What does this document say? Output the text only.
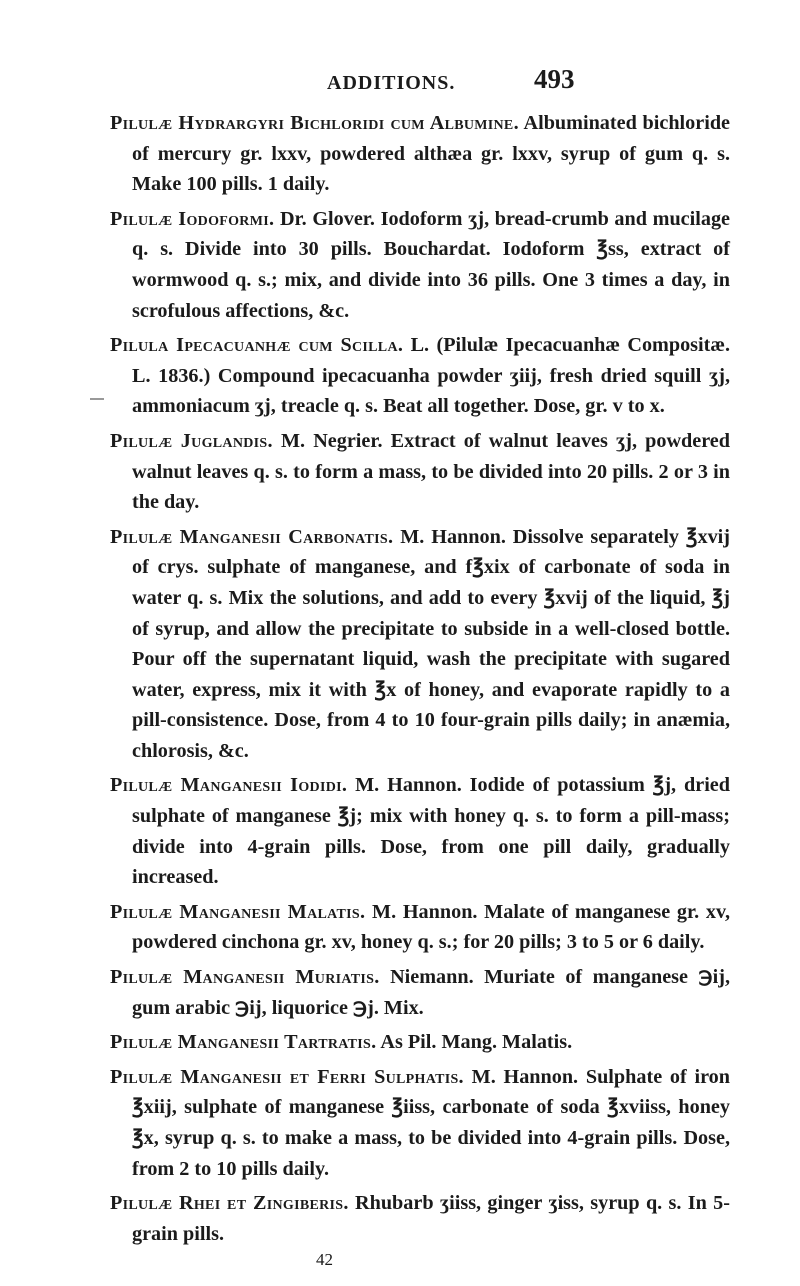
ADDITIONS.	493

Pilulæ Hydrargyri Bichloridi cum Albumine. Albuminated bichloride of mercury gr. lxxv, powdered althæa gr. lxxv, syrup of gum q. s. Make 100 pills. 1 daily.

Pilulæ Iodoformi. Dr. Glover. Iodoform ʒj, bread-crumb and mucilage q. s. Divide into 30 pills. Bouchardat. Iodoform ℥ss, extract of wormwood q. s.; mix, and divide into 36 pills. One 3 times a day, in scrofulous affections, &c.

Pilula Ipecacuanhæ cum Scilla. L. (Pilulæ Ipecacuanhæ Compositæ. L. 1836.) Compound ipecacuanha powder ʒiij, fresh dried squill ʒj, ammoniacum ʒj, treacle q. s. Beat all together. Dose, gr. v to x.

Pilulæ Juglandis. M. Negrier. Extract of walnut leaves ʒj, powdered walnut leaves q. s. to form a mass, to be divided into 20 pills. 2 or 3 in the day.

Pilulæ Manganesii Carbonatis. M. Hannon. Dissolve separately ℥xvij of crys. sulphate of manganese, and f℥xix of carbonate of soda in water q. s. Mix the solutions, and add to every ℥xvij of the liquid, ℥j of syrup, and allow the precipitate to subside in a well-closed bottle. Pour off the supernatant liquid, wash the precipitate with sugared water, express, mix it with ℥x of honey, and evaporate rapidly to a pill-consistence. Dose, from 4 to 10 four-grain pills daily; in anæmia, chlorosis, &c.

Pilulæ Manganesii Iodidi. M. Hannon. Iodide of potassium ℥j, dried sulphate of manganese ℥j; mix with honey q. s. to form a pill-mass; divide into 4-grain pills. Dose, from one pill daily, gradually increased.

Pilulæ Manganesii Malatis. M. Hannon. Malate of manganese gr. xv, powdered cinchona gr. xv, honey q. s.; for 20 pills; 3 to 5 or 6 daily.

Pilulæ Manganesii Muriatis. Niemann. Muriate of manganese ℈ij, gum arabic ℈ij, liquorice ℈j. Mix.

Pilulæ Manganesii Tartratis. As Pil. Mang. Malatis.

Pilulæ Manganesii et Ferri Sulphatis. M. Hannon. Sulphate of iron ℥xiij, sulphate of manganese ℥iiss, carbonate of soda ℥xviiss, honey ℥x, syrup q. s. to make a mass, to be divided into 4-grain pills. Dose, from 2 to 10 pills daily.

Pilulæ Rhei et Zingiberis. Rhubarb ʒiiss, ginger ʒiss, syrup q. s. In 5-grain pills.

42
